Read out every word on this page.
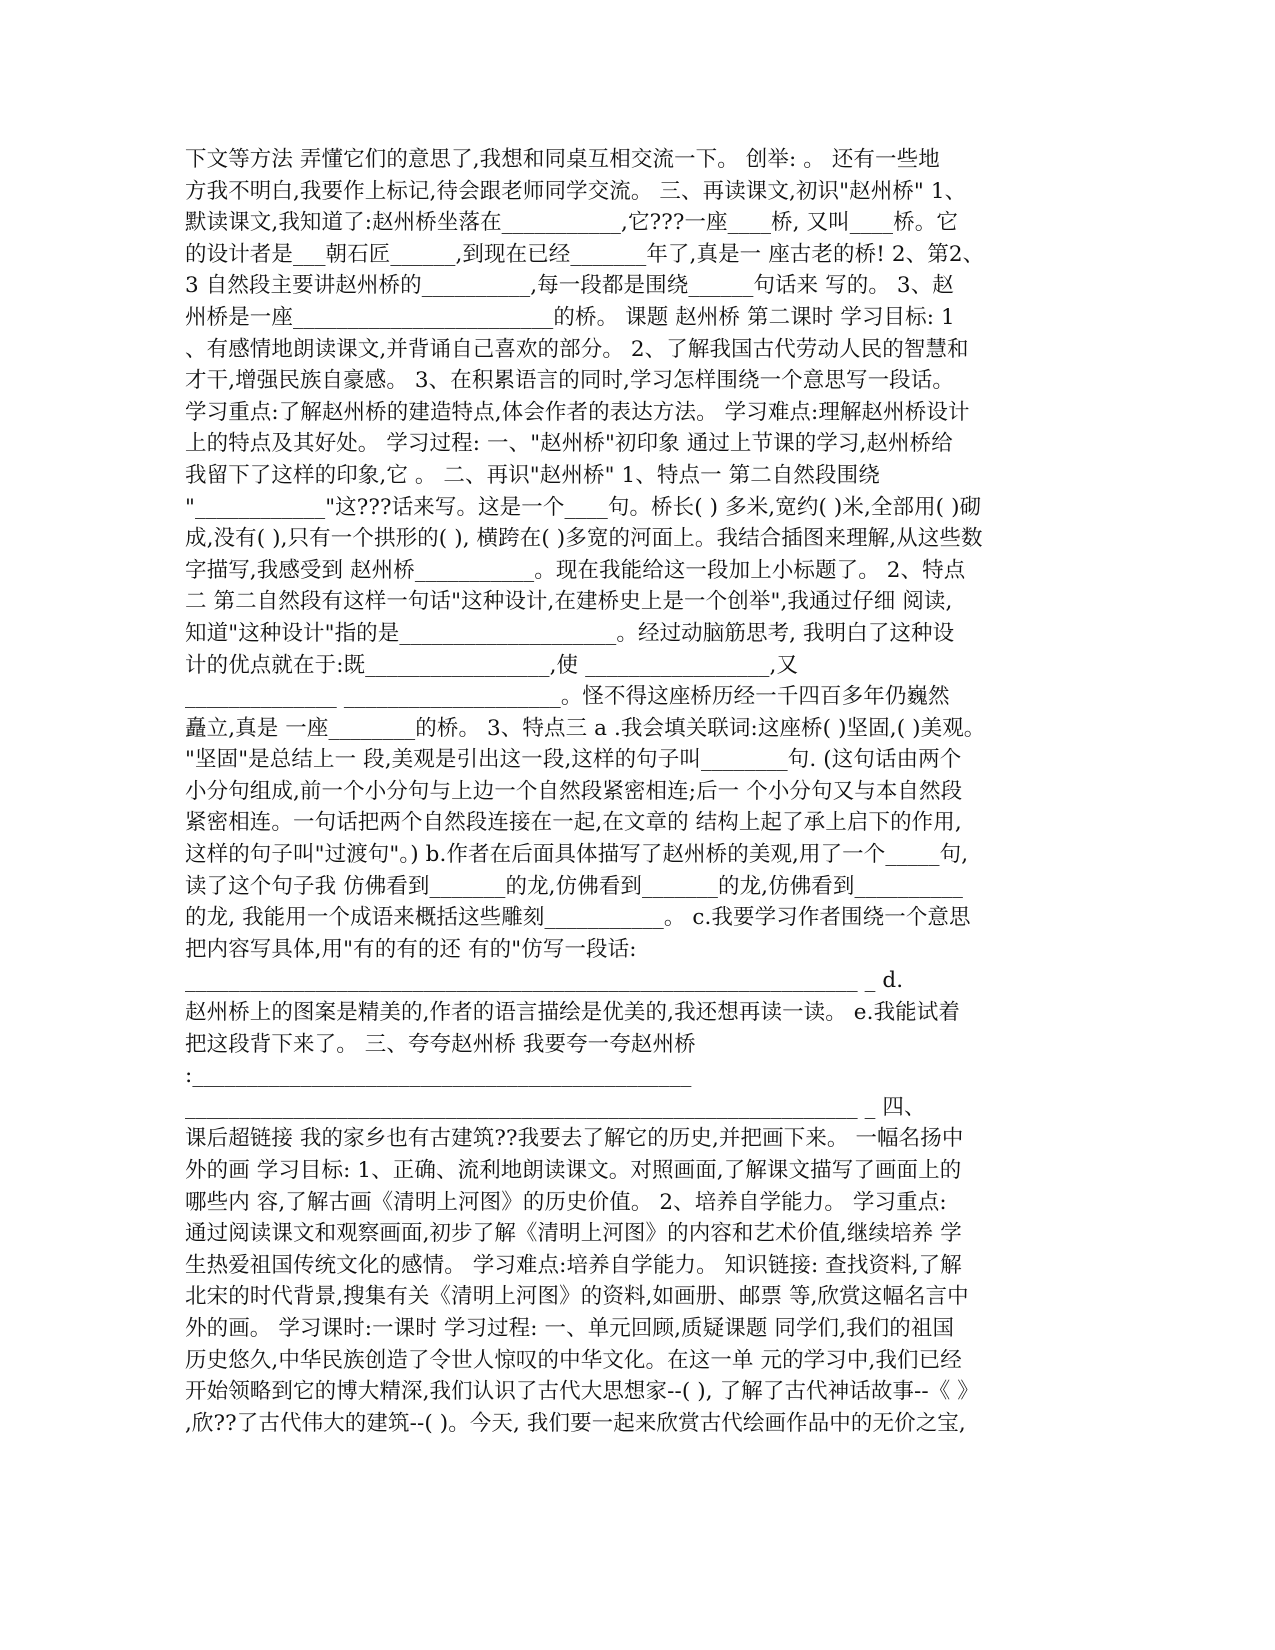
下文等方法 弄懂它们的意思了,我想和同桌互相交流一下。 创举: 。 还有一些地
方我不明白,我要作上标记,待会跟老师同学交流。 三、再读课文,初识"赵州桥" 1、
默读课文,我知道了:赵州桥坐落在___________,它???一座____桥, 又叫____桥。它
的设计者是___朝石匠______,到现在已经_______年了,真是一 座古老的桥! 2、第2、
3 自然段主要讲赵州桥的__________,每一段都是围绕______句话来 写的。 3、赵
州桥是一座________________________的桥。 课题 赵州桥 第二课时 学习目标: 1
、有感情地朗读课文,并背诵自己喜欢的部分。 2、了解我国古代劳动人民的智慧和
才干,增强民族自豪感。 3、在积累语言的同时,学习怎样围绕一个意思写一段话。
学习重点:了解赵州桥的建造特点,体会作者的表达方法。 学习难点:理解赵州桥设计
上的特点及其好处。 学习过程: 一、"赵州桥"初印象 通过上节课的学习,赵州桥给
我留下了这样的印象,它 。 二、再识"赵州桥" 1、特点一 第二自然段围绕
"____________"这???话来写。这是一个____句。桥长( ) 多米,宽约( )米,全部用( )砌
成,没有( ),只有一个拱形的( ), 横跨在( )多宽的河面上。我结合插图来理解,从这些数
字描写,我感受到 赵州桥___________。现在我能给这一段加上小标题了。 2、特点
二 第二自然段有这样一句话"这种设计,在建桥史上是一个创举",我通过仔细 阅读,
知道"这种设计"指的是____________________。经过动脑筋思考, 我明白了这种设
计的优点就在于:既_________________,使 _________________,又
______________ ____________________。怪不得这座桥历经一千四百多年仍巍然
矗立,真是 一座________的桥。 3、特点三 a .我会填关联词:这座桥( )坚固,( )美观。
"坚固"是总结上一 段,美观是引出这一段,这样的句子叫________句. (这句话由两个
小分句组成,前一个小分句与上边一个自然段紧密相连;后一 个小分句又与本自然段
紧密相连。一句话把两个自然段连接在一起,在文章的 结构上起了承上启下的作用,
这样的句子叫"过渡句"。) b.作者在后面具体描写了赵州桥的美观,用了一个_____句,
读了这个句子我 仿佛看到_______的龙,仿佛看到_______的龙,仿佛看到__________
的龙, 我能用一个成语来概括这些雕刻___________。 c.我要学习作者围绕一个意思
把内容写具体,用"有的有的还 有的"仿写一段话:
______________________________________________________________ _ d.
赵州桥上的图案是精美的,作者的语言描绘是优美的,我还想再读一读。 e.我能试着
把这段背下来了。 三、夸夸赵州桥 我要夸一夸赵州桥
:______________________________________________
______________________________________________________________ _ 四、
课后超链接 我的家乡也有古建筑??我要去了解它的历史,并把画下来。 一幅名扬中
外的画 学习目标: 1、正确、流利地朗读课文。对照画面,了解课文描写了画面上的
哪些内 容,了解古画《清明上河图》的历史价值。 2、培养自学能力。 学习重点:
通过阅读课文和观察画面,初步了解《清明上河图》的内容和艺术价值,继续培养 学
生热爱祖国传统文化的感情。 学习难点:培养自学能力。 知识链接: 查找资料,了解
北宋的时代背景,搜集有关《清明上河图》的资料,如画册、邮票 等,欣赏这幅名言中
外的画。 学习课时:一课时 学习过程: 一、单元回顾,质疑课题 同学们,我们的祖国
历史悠久,中华民族创造了令世人惊叹的中华文化。在这一单 元的学习中,我们已经
开始领略到它的博大精深,我们认识了古代大思想家--( ), 了解了古代神话故事--《 》
,欣??了古代伟大的建筑--( )。今天, 我们要一起来欣赏古代绘画作品中的无价之宝,
